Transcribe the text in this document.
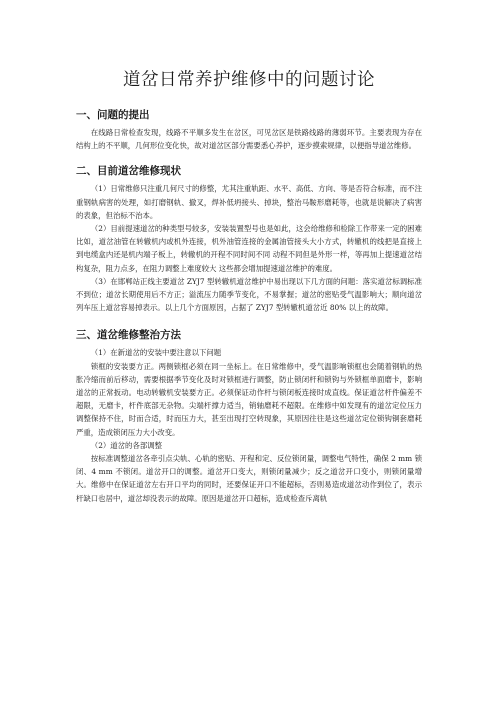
道岔日常养护维修中的问题讨论
一、问题的提出

在线路日常检查发现，线路不平顺多发生在岔区，可见岔区是铁路线路的薄弱环节。主要表现为存在结构上的不平顺，几何形位变化快，故对道岔区部分需要悉心养护，逐步摸索规律，以便指导道岔维修。

二、目前道岔维修现状

（1）日常维修只注重几何尺寸的修整，尤其注重轨距、水平、高低、方向、等是否符合标准，而不注重钢轨病害的处理，如打磨钢轨、撤叉，焊补低坍接头、掉块，整治马鞍形磨耗等，也就是说解决了病害的表象，但治标不治本。

（2）目前提速道岔的种类型号较多，安装装置型号也是如此，这会给维修和检除工作带来一定的困难比如，道岔油管在转辙机内或机外连接，机外油管连接的金属油管接头大小方式，转辙机的线把是直接上到电缆盒内还是机内端子板上，转辙机的开程不同时间不同 动程不同但是外形一样，等再加上提速道岔结构复杂，阻力点多，在阻力调整上难度较大 这些都会增加提速道岔维护的难度。

（3）在邯郸站正线主要道岔 ZYJ7 型转辙机道岔维护中易出现以下几方面的问题：落实道岔标调标准不到位；道岔长期使用后不方正；溢流压力随季节变化，不易掌握；道岔的密贴受气温影响大；顺向道岔列车压上道岔容易掉表示。以上几个方面原因，占据了 ZYJ7 型转辙机道岔近 80% 以上的故障。

三、道岔维修整治方法

（1）在新道岔的安装中要注意以下问题

锁框的安装要方正。两侧锁框必须在同一坐标上。在日常维修中，受气温影响锁框也会随着钢轨的热胀冷缩而前后移动，需要根据季节变化及时对锁框进行调整，防止锁闭杆和锁钩与外锁框单面磨卡，影响道岔的正常扳动。电动转辙机安装要方正。必须保证动作杆与锁闭板连接时成直线。保证道岔杆件偏差不超限，无磨卡，杆件底部无杂物。尖端杆撑力适当，销轴磨耗不超限。在维修中如发现有的道岔定位压力调整保持不住，时而合适，时而压力大，甚至出现打空转现象，其原因往往是这些道岔定位锁钩铜套磨耗严重，造成锁闭压力大小改变。

（2）道岔的各部调整

按标准调整道岔各牵引点尖轨、心轨的密贴、开程和定、反位锁闭量，调整电气特性，确保 2 mm 锁闭、4 mm 不锁闭。道岔开口的调整。道岔开口变大，则锁闭量减少；反之道岔开口变小，则锁闭量增大。维修中在保证道岔左右开口平均的同时，还要保证开口不能超标，否则易造成道岔动作到位了，表示杆缺口也居中，道岔却没表示的故障。原因是道岔开口超标，造成检查斥离轨
